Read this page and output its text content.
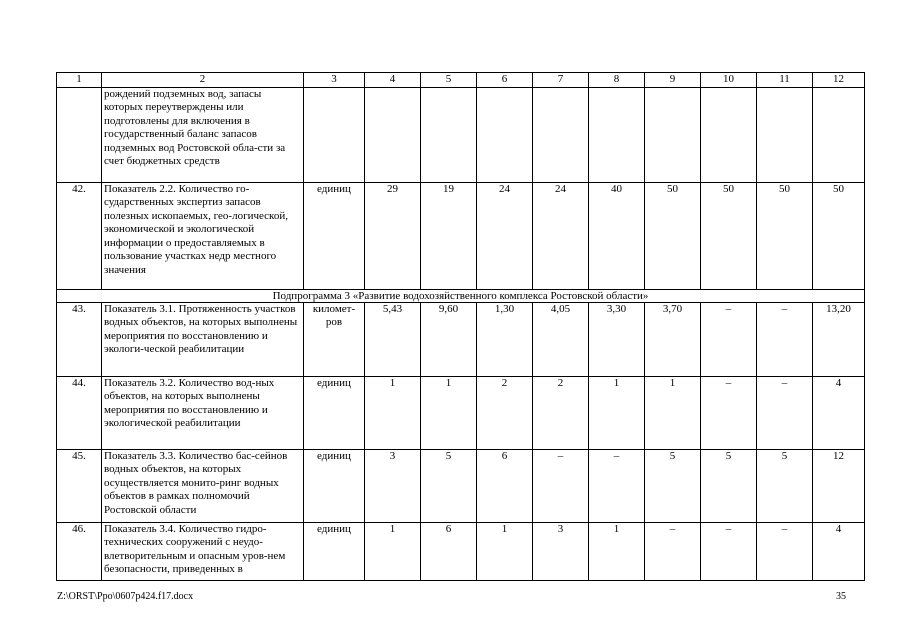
1	2	3	4	5	6	7	8	9	10	11	12
	рождений подземных вод, запасы которых переутверждены или подготовлены для включения в государственный баланс запасов подземных вод Ростовской обла-сти за счет бюджетных средств										
42.	Показатель 2.2. Количество го-сударственных экспертиз запасов полезных ископаемых, гео-логической, экономической и экологической информации о предоставляемых в пользование участках недр местного значения	единиц	29	19	24	24	40	50	50	50	50
Подпрограмма 3 «Развитие водохозяйственного комплекса Ростовской области»											
43.	Показатель 3.1. Протяженность участков водных объектов, на которых выполнены мероприятия по восстановлению и экологи-ческой реабилитации	километ-ров	5,43	9,60	1,30	4,05	3,30	3,70	–	–	13,20
44.	Показатель 3.2. Количество вод-ных объектов, на которых выполнены мероприятия по восстановлению и экологической реабилитации	единиц	1	1	2	2	1	1	–	–	4
45.	Показатель 3.3. Количество бас-сейнов водных объектов, на которых осуществляется монито-ринг водных объектов в рамках полномочий Ростовской области	единиц	3	5	6	–	–	5	5	5	12
46.	Показатель 3.4. Количество гидро-технических сооружений с неудо-влетворительным и опасным уров-нем безопасности, приведенных в	единиц	1	6	1	3	1	–	–	–	4
Z:\ORST\Ppo\0607p424.f17.docx	35
